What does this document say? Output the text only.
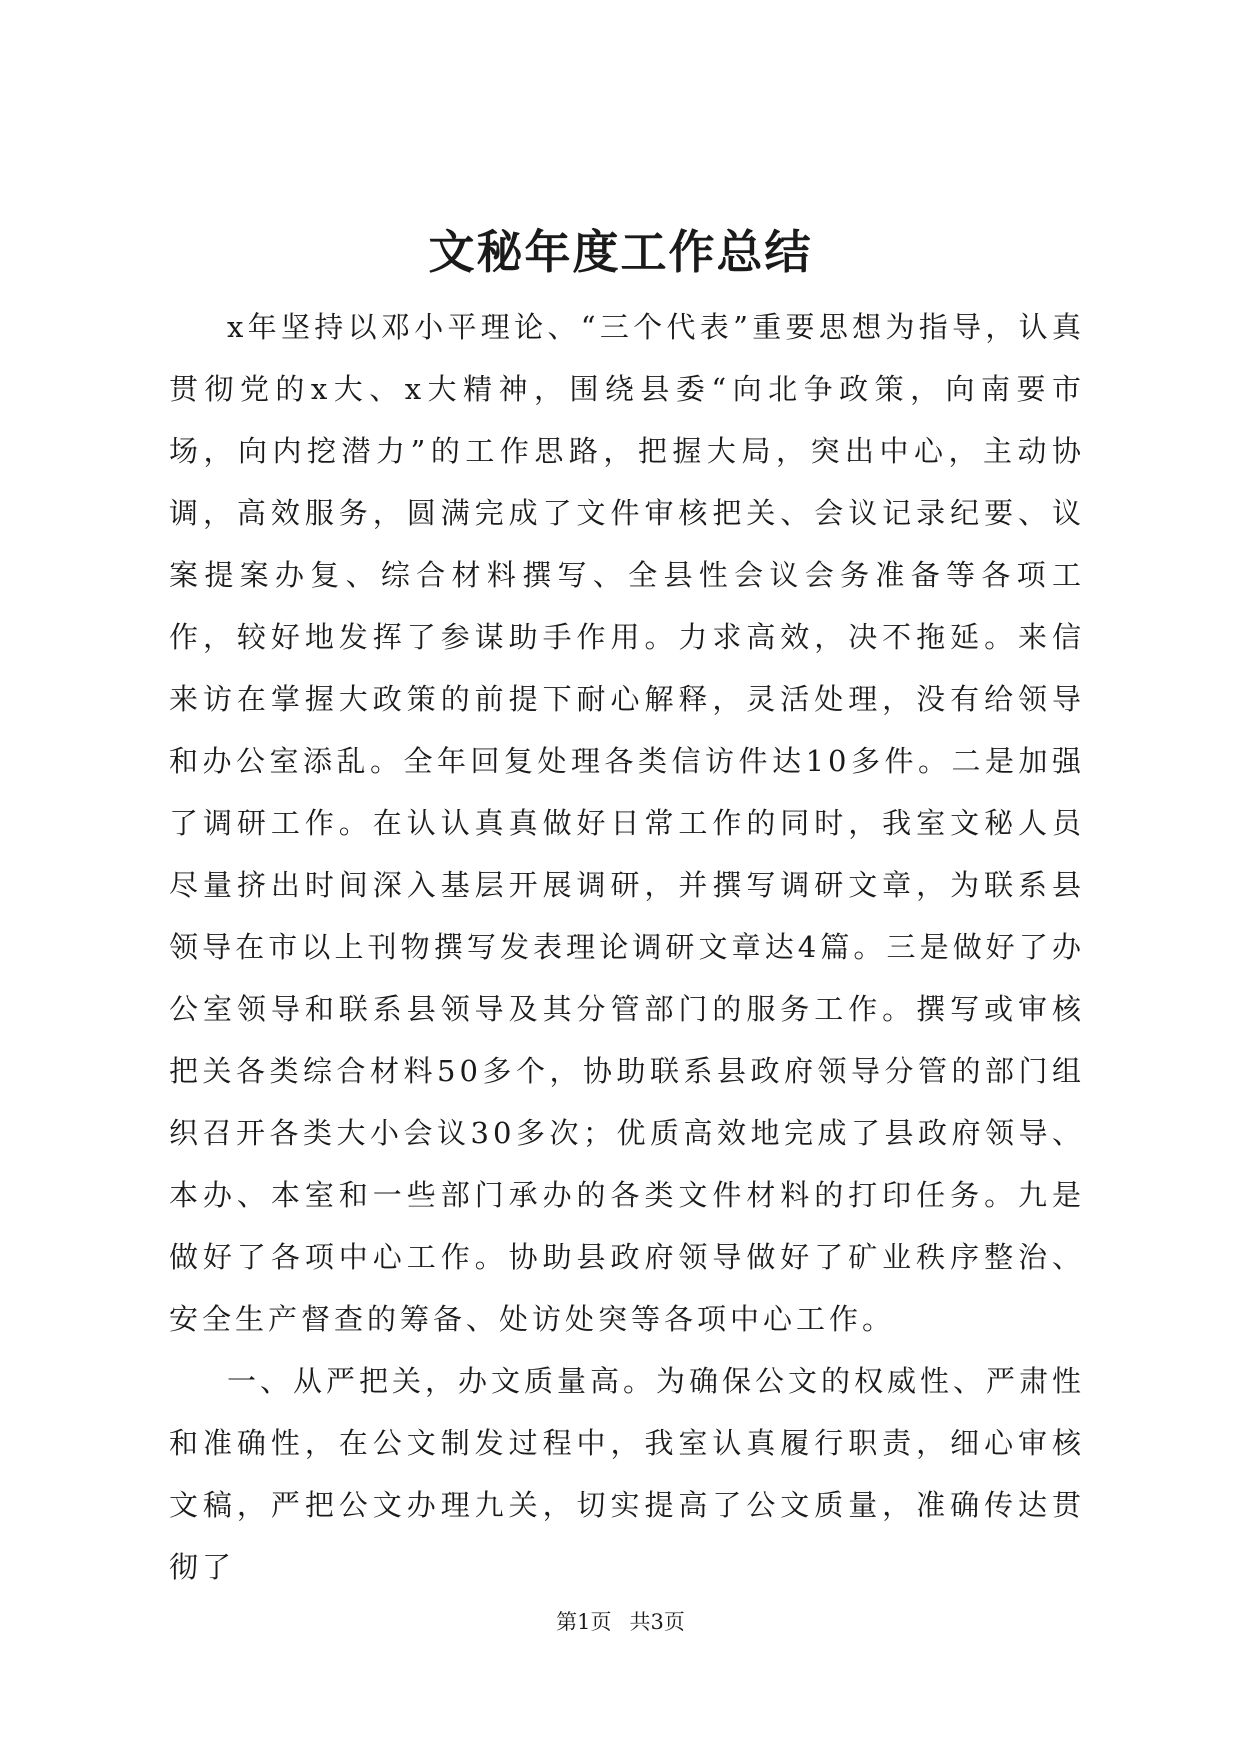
文秘年度工作总结

x年坚持以邓小平理论、“三个代表”重要思想为指导，认真贯彻党的x大、x大精神，围绕县委“向北争政策，向南要市场，向内挖潜力”的工作思路，把握大局，突出中心，主动协调，高效服务，圆满完成了文件审核把关、会议记录纪要、议案提案办复、综合材料撰写、全县性会议会务准备等各项工作，较好地发挥了参谋助手作用。力求高效，决不拖延。来信来访在掌握大政策的前提下耐心解释，灵活处理，没有给领导和办公室添乱。全年回复处理各类信访件达10多件。二是加强了调研工作。在认认真真做好日常工作的同时，我室文秘人员尽量挤出时间深入基层开展调研，并撰写调研文章，为联系县领导在市以上刊物撰写发表理论调研文章达4篇。三是做好了办公室领导和联系县领导及其分管部门的服务工作。撰写或审核把关各类综合材料50多个，协助联系县政府领导分管的部门组织召开各类大小会议30多次；优质高效地完成了县政府领导、本办、本室和一些部门承办的各类文件材料的打印任务。九是做好了各项中心工作。协助县政府领导做好了矿业秩序整治、安全生产督查的筹备、处访处突等各项中心工作。

一、从严把关，办文质量高。为确保公文的权威性、严肃性和准确性，在公文制发过程中，我室认真履行职责，细心审核文稿，严把公文办理九关，切实提高了公文质量，准确传达贯彻了

第1页 共3页
